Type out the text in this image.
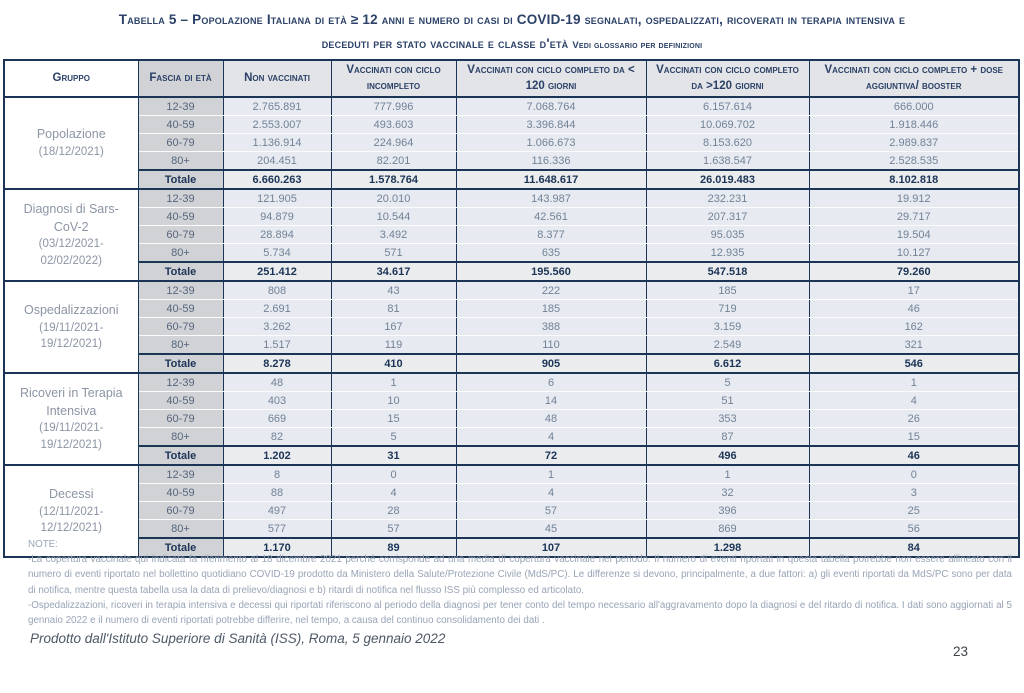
Tabella 5 – Popolazione Italiana di età ≥ 12 anni e numero di casi di COVID-19 segnalati, ospedalizzati, ricoverati in terapia intensiva e
deceduti per stato vaccinale e classe d'età Vedi glossario per definizioni
Gruppo	Fascia di età	Non vaccinati	Vaccinati con ciclo incompleto	Vaccinati con ciclo completo da < 120 giorni	Vaccinati con ciclo completo da >120 giorni	Vaccinati con ciclo completo + dose aggiuntiva/ booster

Popolazione
(18/12/2021)	12-39	2.765.891	777.996	7.068.764	6.157.614	666.000
	40-59	2.553.007	493.603	3.396.844	10.069.702	1.918.446
	60-79	1.136.914	224.964	1.066.673	8.153.620	2.989.837
	80+	204.451	82.201	116.336	1.638.547	2.528.535
	Totale	6.660.263	1.578.764	11.648.617	26.019.483	8.102.818

Diagnosi di Sars-CoV-2
(03/12/2021-02/02/2022)	12-39	121.905	20.010	143.987	232.231	19.912
	40-59	94.879	10.544	42.561	207.317	29.717
	60-79	28.894	3.492	8.377	95.035	19.504
	80+	5.734	571	635	12.935	10.127
	Totale	251.412	34.617	195.560	547.518	79.260

Ospedalizzazioni
(19/11/2021-19/12/2021)	12-39	808	43	222	185	17
	40-59	2.691	81	185	719	46
	60-79	3.262	167	388	3.159	162
	80+	1.517	119	110	2.549	321
	Totale	8.278	410	905	6.612	546

Ricoveri in Terapia Intensiva
(19/11/2021-19/12/2021)	12-39	48	1	6	5	1
	40-59	403	10	14	51	4
	60-79	669	15	48	353	26
	80+	82	5	4	87	15
	Totale	1.202	31	72	496	46

Decessi
(12/11/2021-12/12/2021)	12-39	8	0	1	1	0
	40-59	88	4	4	32	3
	60-79	497	28	57	396	25
	80+	577	57	45	869	56
	Totale	1.170	89	107	1.298	84
NOTE:
-La copertura vaccinale qui indicata fa riferimento al 18 dicembre 2021 perché corrisponde ad una media di copertura vaccinale nel periodo. Il numero di eventi riportati in questa tabella potrebbe non essere allineato con il numero di eventi riportato nel bollettino quotidiano COVID-19 prodotto da Ministero della Salute/Protezione Civile (MdS/PC). Le differenze si devono, principalmente, a due fattori: a) gli eventi riportati da MdS/PC sono per data di notifica, mentre questa tabella usa la data di prelievo/diagnosi e b) ritardi di notifica nel flusso ISS più complesso ed articolato.
-Ospedalizzazioni, ricoveri in terapia intensiva e decessi qui riportati riferiscono al periodo della diagnosi per tener conto del tempo necessario all'aggravamento dopo la diagnosi e del ritardo di notifica. I dati sono aggiornati al 5 gennaio 2022 e il numero di eventi riportati potrebbe differire, nel tempo, a causa del continuo consolidamento dei dati .
Prodotto dall'Istituto Superiore di Sanità (ISS), Roma, 5 gennaio 2022
23
